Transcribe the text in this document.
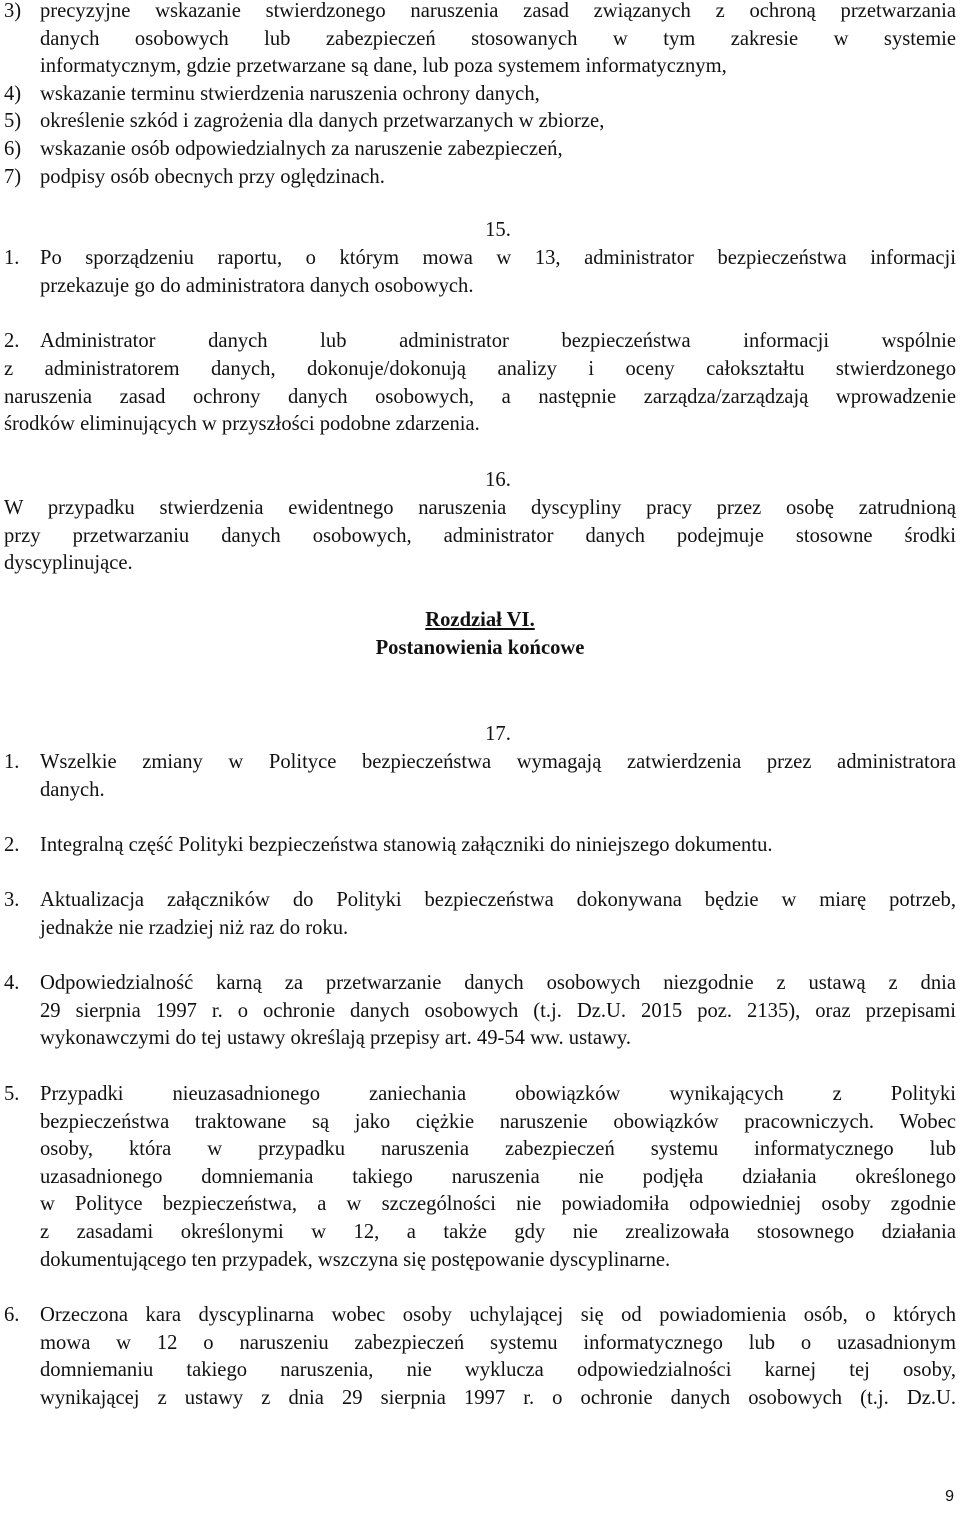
3) precyzyjne wskazanie stwierdzonego naruszenia zasad związanych z ochroną przetwarzania
danych osobowych lub zabezpieczeń stosowanych w tym zakresie w systemie
informatycznym, gdzie przetwarzane są dane, lub poza systemem informatycznym,
4) wskazanie terminu stwierdzenia naruszenia ochrony danych,
5) określenie szkód i zagrożenia dla danych przetwarzanych w zbiorze,
6) wskazanie osób odpowiedzialnych za naruszenie zabezpieczeń,
7) podpisy osób obecnych przy oględzinach.
15.
1. Po sporządzeniu raportu, o którym mowa w 13, administrator bezpieczeństwa informacji
przekazuje go do administratora danych osobowych.
2. Administrator danych lub administrator bezpieczeństwa informacji wspólnie
z administratorem danych, dokonuje/dokonują analizy i oceny całokształtu stwierdzonego
naruszenia zasad ochrony danych osobowych, a następnie zarządza/zarządzają wprowadzenie
środków eliminujących w przyszłości podobne zdarzenia.
16.
W przypadku stwierdzenia ewidentnego naruszenia dyscypliny pracy przez osobę zatrudnioną
przy przetwarzaniu danych osobowych, administrator danych podejmuje stosowne środki
dyscyplinujące.
Rozdział VI.
Postanowienia końcowe
17.
1. Wszelkie zmiany w Polityce bezpieczeństwa wymagają zatwierdzenia przez administratora
danych.
2. Integralną część Polityki bezpieczeństwa stanowią załączniki do niniejszego dokumentu.
3. Aktualizacja załączników do Polityki bezpieczeństwa dokonywana będzie w miarę potrzeb,
jednakże nie rzadziej niż raz do roku.
4. Odpowiedzialność karną za przetwarzanie danych osobowych niezgodnie z ustawą z dnia
29 sierpnia 1997 r. o ochronie danych osobowych (t.j. Dz.U. 2015 poz. 2135), oraz przepisami
wykonawczymi do tej ustawy określają przepisy art. 49-54 ww. ustawy.
5. Przypadki nieuzasadnionego zaniechania obowiązków wynikających z Polityki
bezpieczeństwa traktowane są jako ciężkie naruszenie obowiązków pracowniczych. Wobec
osoby, która w przypadku naruszenia zabezpieczeń systemu informatycznego lub
uzasadnionego domniemania takiego naruszenia nie podjęła działania określonego
w Polityce bezpieczeństwa, a w szczególności nie powiadomiła odpowiedniej osoby zgodnie
z zasadami określonymi w 12, a także gdy nie zrealizowała stosownego działania
dokumentującego ten przypadek, wszczyna się postępowanie dyscyplinarne.
6. Orzeczona kara dyscyplinarna wobec osoby uchylającej się od powiadomienia osób, o których
mowa w 12 o naruszeniu zabezpieczeń systemu informatycznego lub o uzasadnionym
domniemaniu takiego naruszenia, nie wyklucza odpowiedzialności karnej tej osoby,
wynikającej z ustawy z dnia 29 sierpnia 1997 r. o ochronie danych osobowych (t.j. Dz.U.
9
